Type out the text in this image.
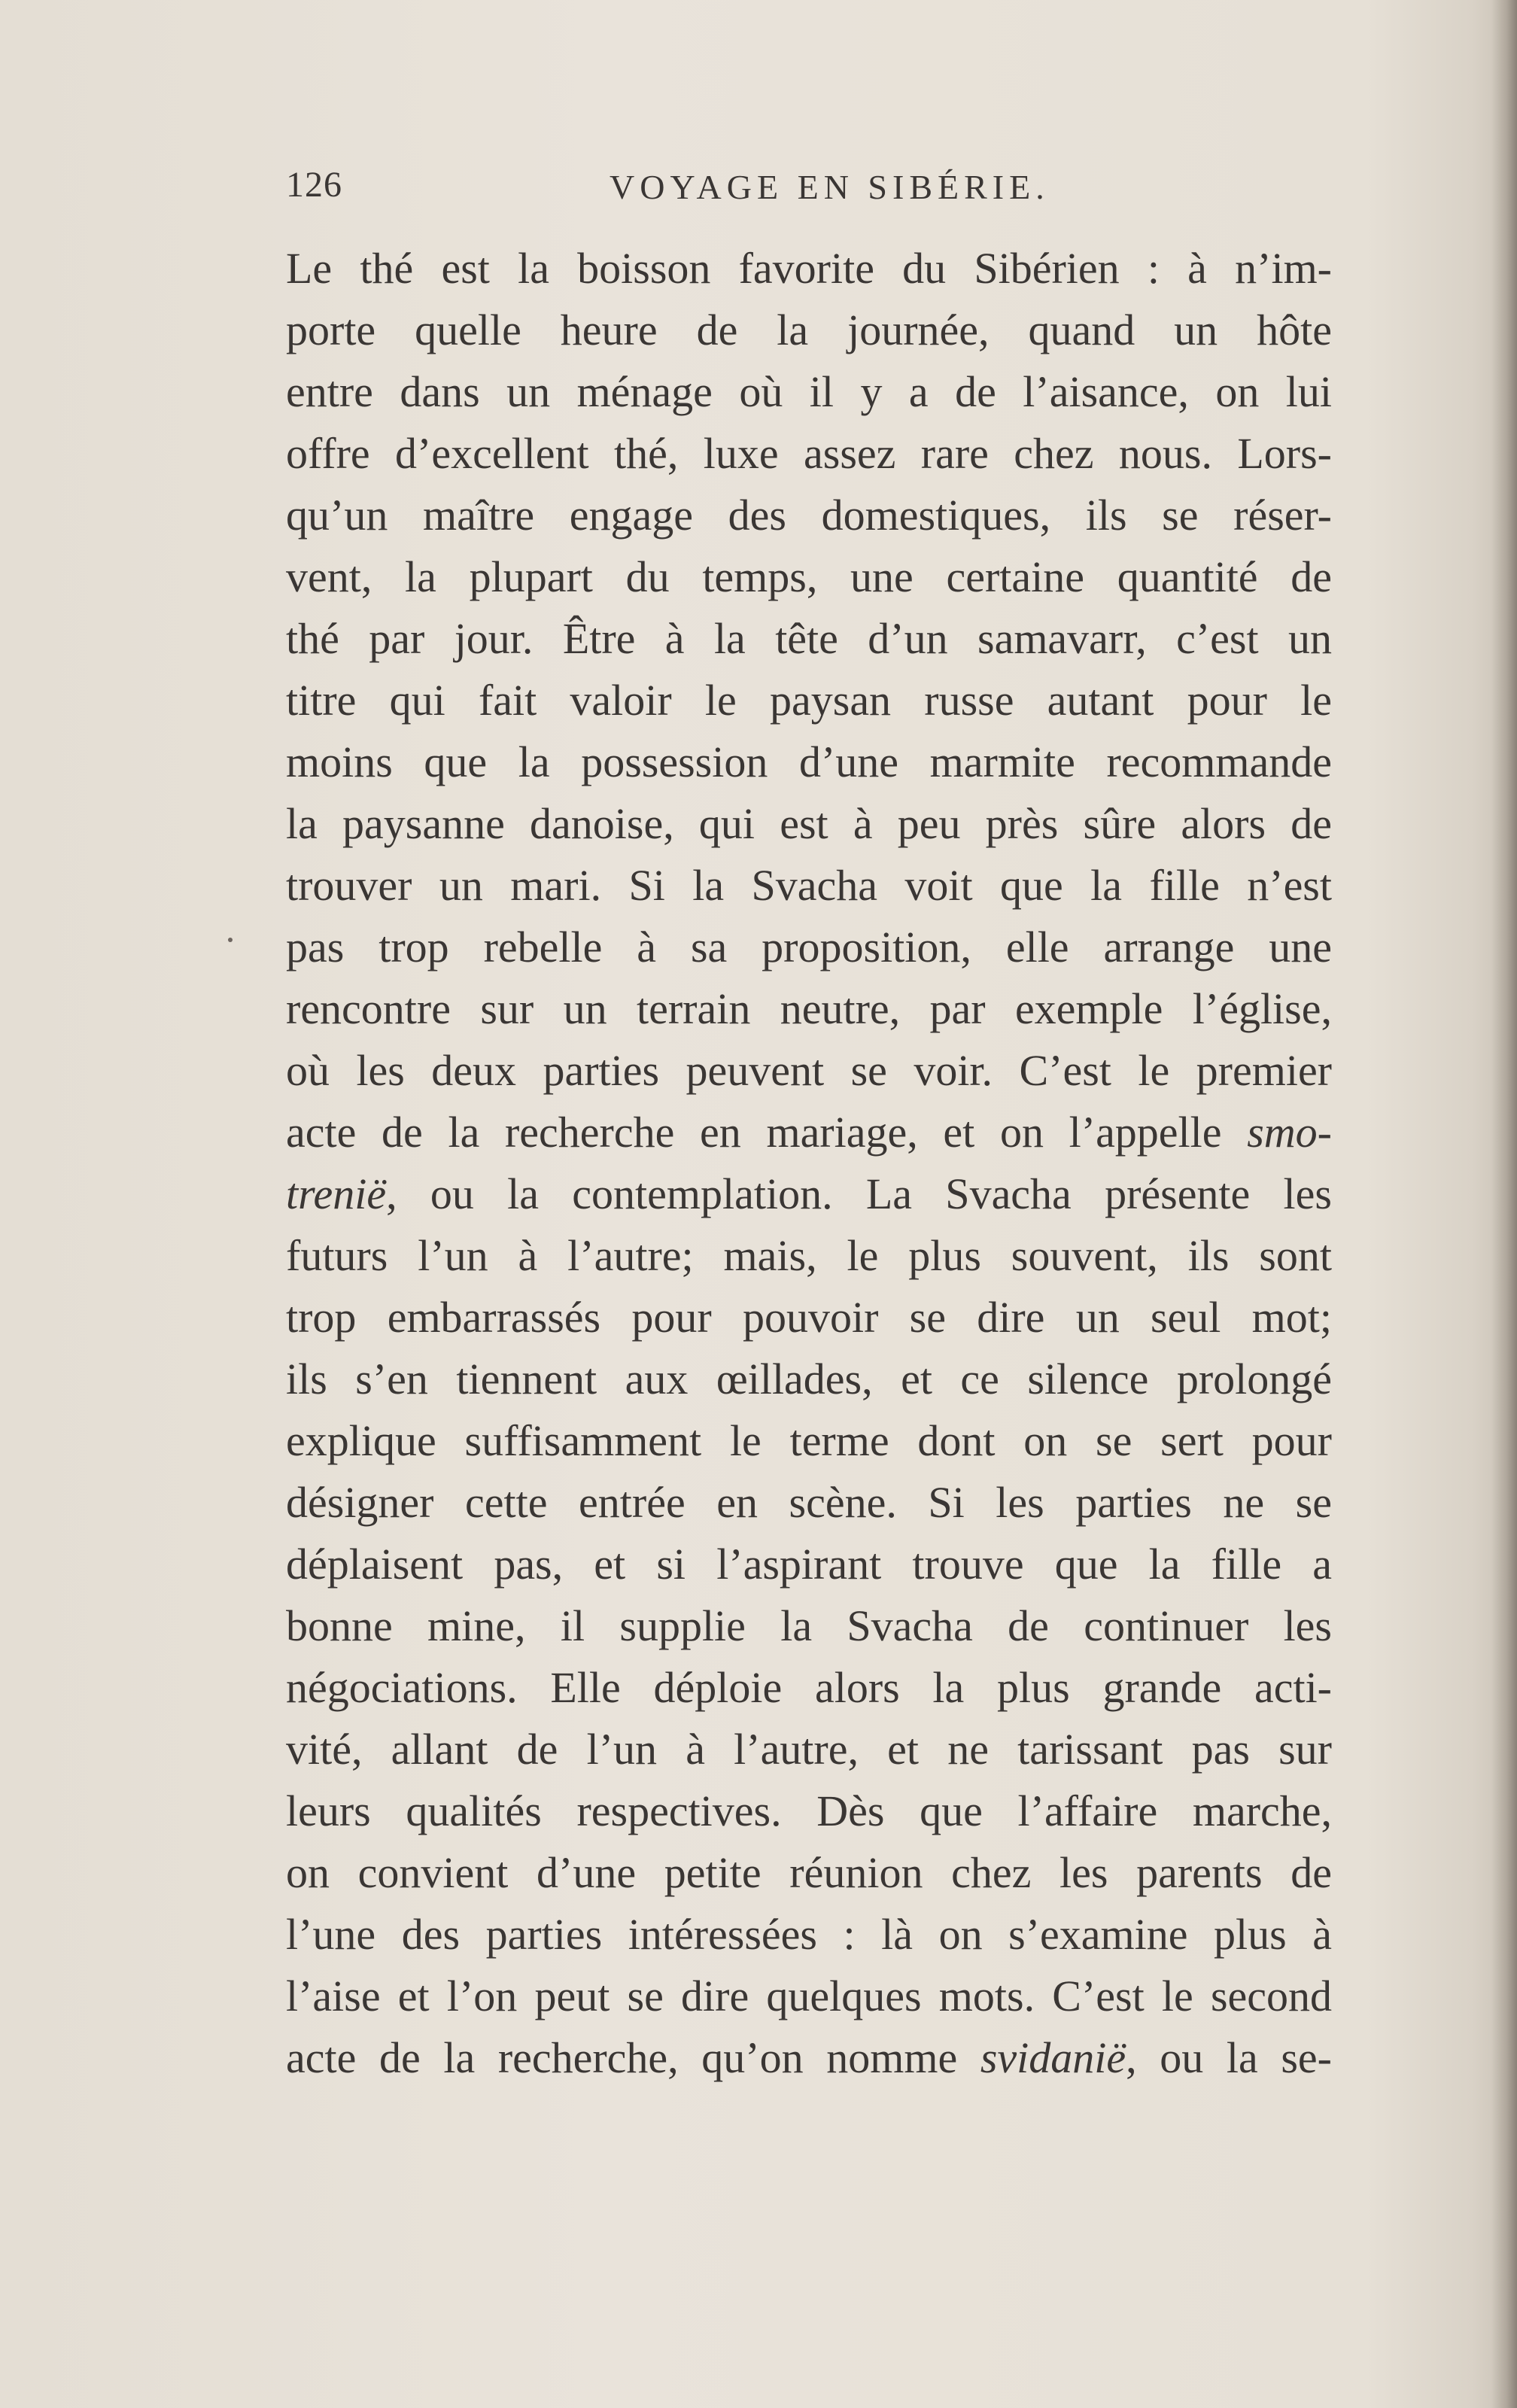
126	VOYAGE EN SIBÉRIE.
Le thé est la boisson favorite du Sibérien : à n’im-
porte quelle heure de la journée, quand un hôte
entre dans un ménage où il y a de l’aisance, on lui
offre d’excellent thé, luxe assez rare chez nous. Lors-
qu’un maître engage des domestiques, ils se réser-
vent, la plupart du temps, une certaine quantité de
thé par jour. Être à la tête d’un samavarr, c’est un
titre qui fait valoir le paysan russe autant pour le
moins que la possession d’une marmite recommande
la paysanne danoise, qui est à peu près sûre alors de
trouver un mari. Si la Svacha voit que la fille n’est
pas trop rebelle à sa proposition, elle arrange une
rencontre sur un terrain neutre, par exemple l’église,
où les deux parties peuvent se voir. C’est le premier
acte de la recherche en mariage, et on l’appelle smo-
trenië, ou la contemplation. La Svacha présente les
futurs l’un à l’autre; mais, le plus souvent, ils sont
trop embarrassés pour pouvoir se dire un seul mot;
ils s’en tiennent aux œillades, et ce silence prolongé
explique suffisamment le terme dont on se sert pour
désigner cette entrée en scène. Si les parties ne se
déplaisent pas, et si l’aspirant trouve que la fille a
bonne mine, il supplie la Svacha de continuer les
négociations. Elle déploie alors la plus grande acti-
vité, allant de l’un à l’autre, et ne tarissant pas sur
leurs qualités respectives. Dès que l’affaire marche,
on convient d’une petite réunion chez les parents de
l’une des parties intéressées : là on s’examine plus à
l’aise et l’on peut se dire quelques mots. C’est le second
acte de la recherche, qu’on nomme svidaniё, ou la se-
